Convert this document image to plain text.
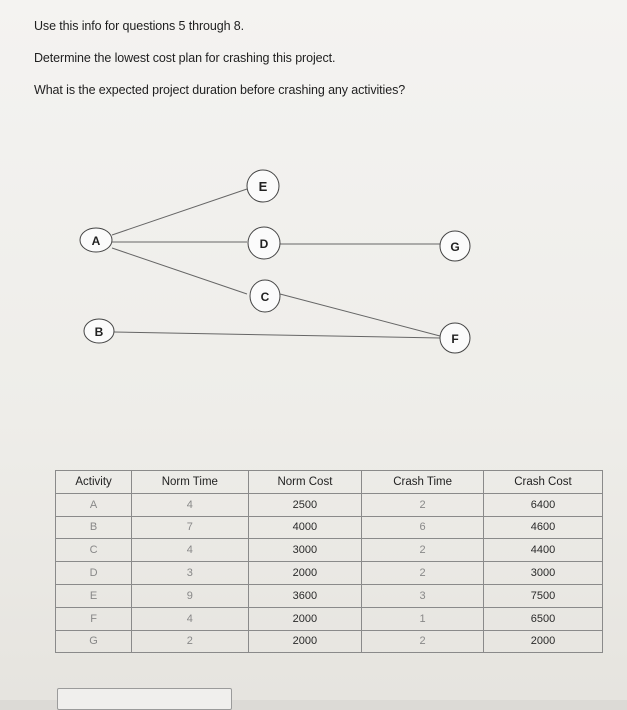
Use this info for questions 5 through 8.
Determine the lowest cost plan for crashing this project.
What is the expected project duration before crashing any activities?
E
A	D	G
C
B	F
Activity	Norm Time	Norm Cost	Crash Time	Crash Cost
A	4	2500	2	6400
B	7	4000	6	4600
C	4	3000	2	4400
D	3	2000	2	3000
E	9	3600	3	7500
F	4	2000	1	6500
G	2	2000	2	2000
